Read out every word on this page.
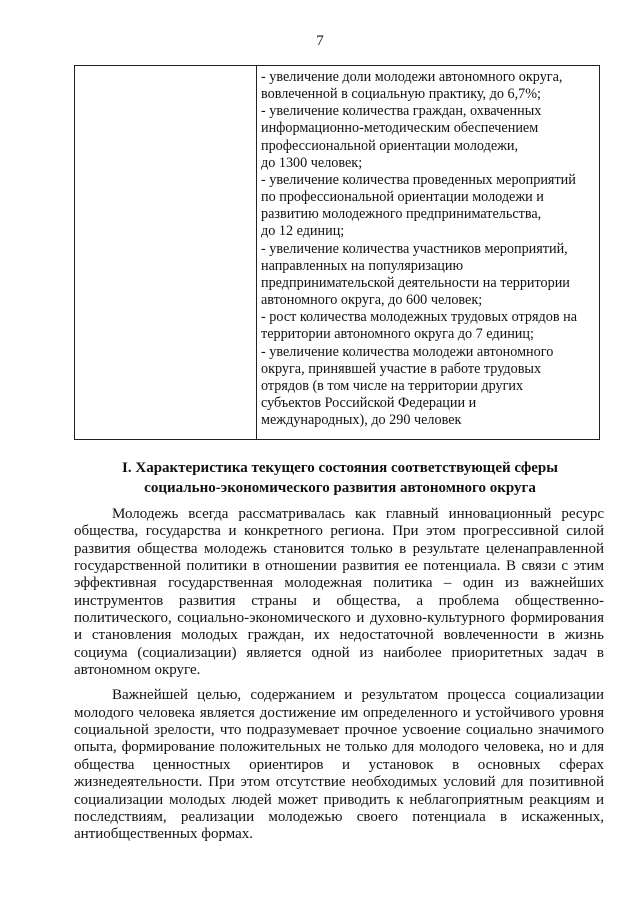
7
- увеличение доли молодежи автономного округа,
вовлеченной в социальную практику, до 6,7%;
- увеличение количества граждан, охваченных
информационно-методическим обеспечением
профессиональной ориентации молодежи,
до 1300 человек;
- увеличение количества проведенных мероприятий
по профессиональной ориентации молодежи и
развитию молодежного предпринимательства,
до 12 единиц;
- увеличение количества участников мероприятий,
направленных на популяризацию
предпринимательской деятельности на территории
автономного округа, до 600 человек;
- рост количества молодежных трудовых отрядов на
территории автономного округа до 7 единиц;
- увеличение количества молодежи автономного
округа, принявшей участие в работе трудовых
отрядов (в том числе на территории других
субъектов Российской Федерации и
международных), до 290 человек
I. Характеристика текущего состояния соответствующей сферы
социально-экономического развития автономного округа
Молодежь всегда рассматривалась как главный инновационный ресурс
общества, государства и конкретного региона. При этом прогрессивной силой
развития общества молодежь становится только в результате целенаправленной
государственной политики в отношении развития ее потенциала. В связи с этим
эффективная государственная молодежная политика – один из важнейших
инструментов развития страны и общества, а проблема общественно-
политического, социально-экономического и духовно-культурного формирования
и становления молодых граждан, их недостаточной вовлеченности в жизнь
социума (социализации) является одной из наиболее приоритетных задач в
автономном округе.
Важнейшей целью, содержанием и результатом процесса социализации
молодого человека является достижение им определенного и устойчивого уровня
социальной зрелости, что подразумевает прочное усвоение социально значимого
опыта, формирование положительных не только для молодого человека, но и для
общества ценностных ориентиров и установок в основных сферах
жизнедеятельности. При этом отсутствие необходимых условий для позитивной
социализации молодых людей может приводить к неблагоприятным реакциям и
последствиям, реализации молодежью своего потенциала в искаженных,
антиобщественных формах.
